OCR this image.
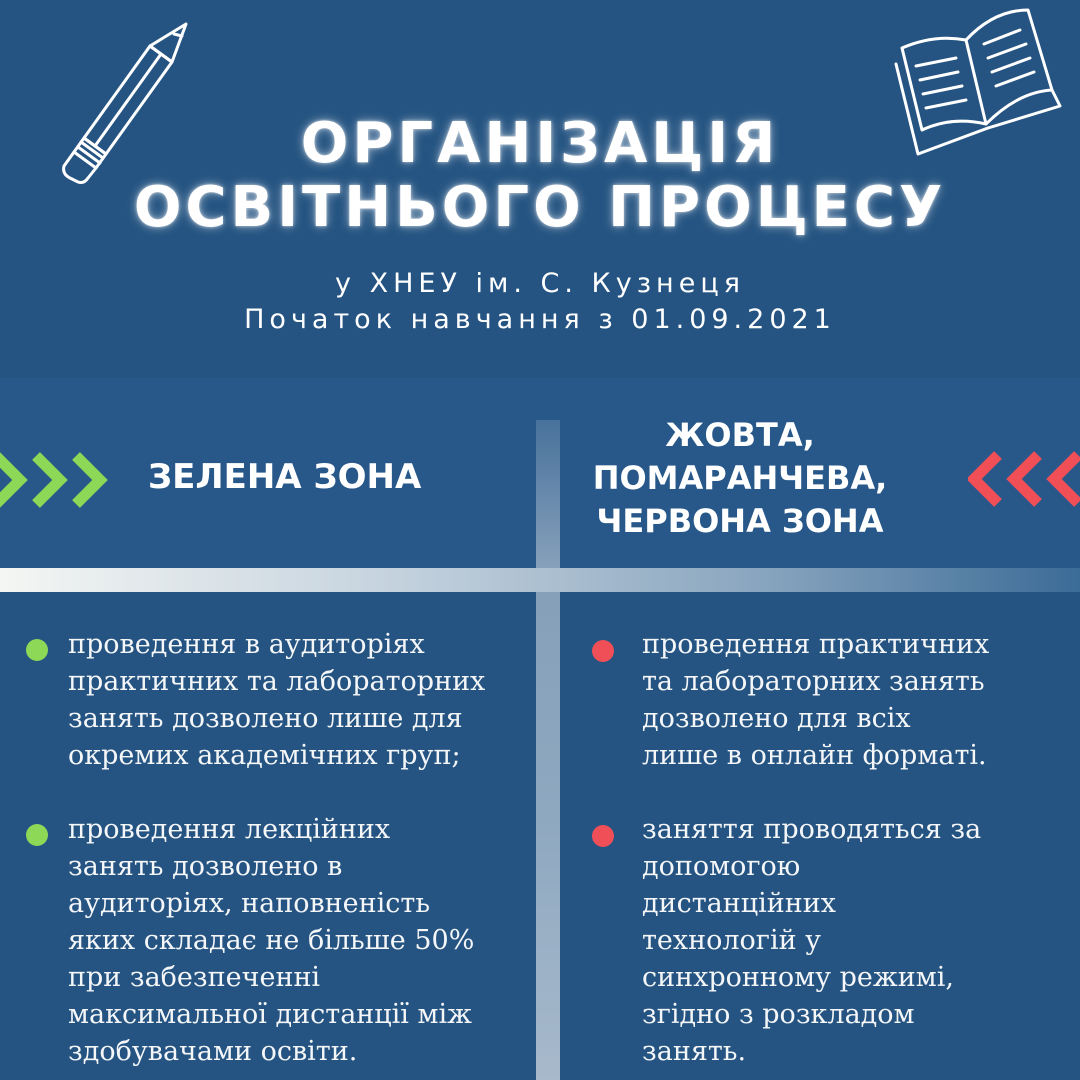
ОРГАНІЗАЦІЯ
ОСВІТНЬОГО ПРОЦЕСУ
у ХНЕУ ім. С. Кузнеця
Початок навчання з 01.09.2021
ЗЕЛЕНА ЗОНА
ЖОВТА,
ПОМАРАНЧЕВА,
ЧЕРВОНА ЗОНА
проведення в аудиторіях
практичних та лабораторних
занять дозволено лише для
окремих академічних груп;
проведення лекційних
занять дозволено в
аудиторіях, наповненість
яких складає не більше 50%
при забезпеченні
максимальної дистанції між
здобувачами освіти.
проведення практичних
та лабораторних занять
дозволено для всіх
лише в онлайн форматі.
заняття проводяться за
допомогою
дистанційних
технологій у
синхронному режимі,
згідно з розкладом
занять.
